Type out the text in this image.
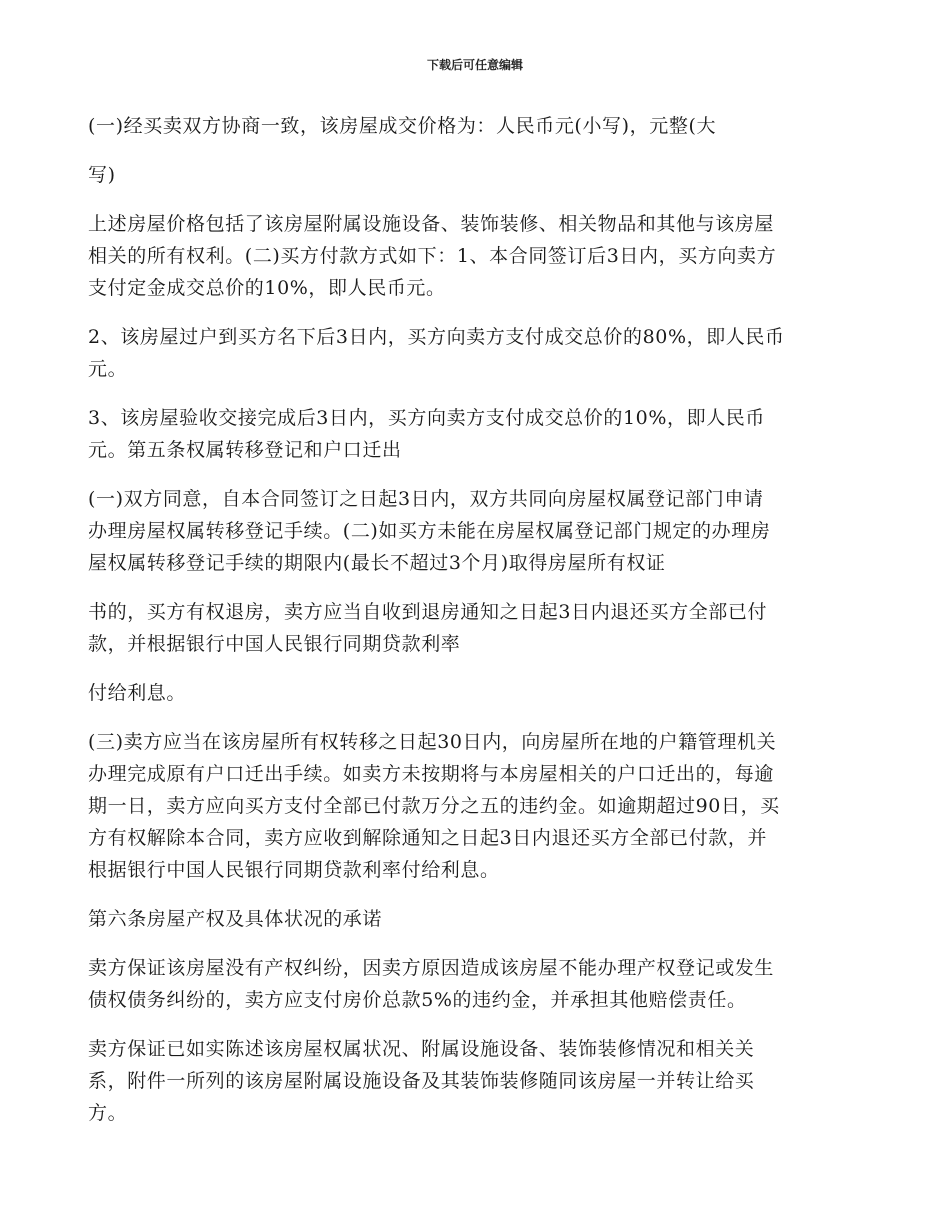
下载后可任意编辑

(一)经买卖双方协商一致，该房屋成交价格为：人民币元(小写)，元整(大

写)

上述房屋价格包括了该房屋附属设施设备、装饰装修、相关物品和其他与该房屋
相关的所有权利。(二)买方付款方式如下：1、本合同签订后3日内，买方向卖方
支付定金成交总价的10%，即人民币元。

2、该房屋过户到买方名下后3日内，买方向卖方支付成交总价的80%，即人民币
元。

3、该房屋验收交接完成后3日内，买方向卖方支付成交总价的10%，即人民币
元。第五条权属转移登记和户口迁出

(一)双方同意，自本合同签订之日起3日内，双方共同向房屋权属登记部门申请
办理房屋权属转移登记手续。(二)如买方未能在房屋权属登记部门规定的办理房
屋权属转移登记手续的期限内(最长不超过3个月)取得房屋所有权证

书的，买方有权退房，卖方应当自收到退房通知之日起3日内退还买方全部已付
款，并根据银行中国人民银行同期贷款利率

付给利息。

(三)卖方应当在该房屋所有权转移之日起30日内，向房屋所在地的户籍管理机关
办理完成原有户口迁出手续。如卖方未按期将与本房屋相关的户口迁出的，每逾
期一日，卖方应向买方支付全部已付款万分之五的违约金。如逾期超过90日，买
方有权解除本合同，卖方应收到解除通知之日起3日内退还买方全部已付款，并
根据银行中国人民银行同期贷款利率付给利息。

第六条房屋产权及具体状况的承诺

卖方保证该房屋没有产权纠纷，因卖方原因造成该房屋不能办理产权登记或发生
债权债务纠纷的，卖方应支付房价总款5%的违约金，并承担其他赔偿责任。

卖方保证已如实陈述该房屋权属状况、附属设施设备、装饰装修情况和相关关
系，附件一所列的该房屋附属设施设备及其装饰装修随同该房屋一并转让给买
方。
